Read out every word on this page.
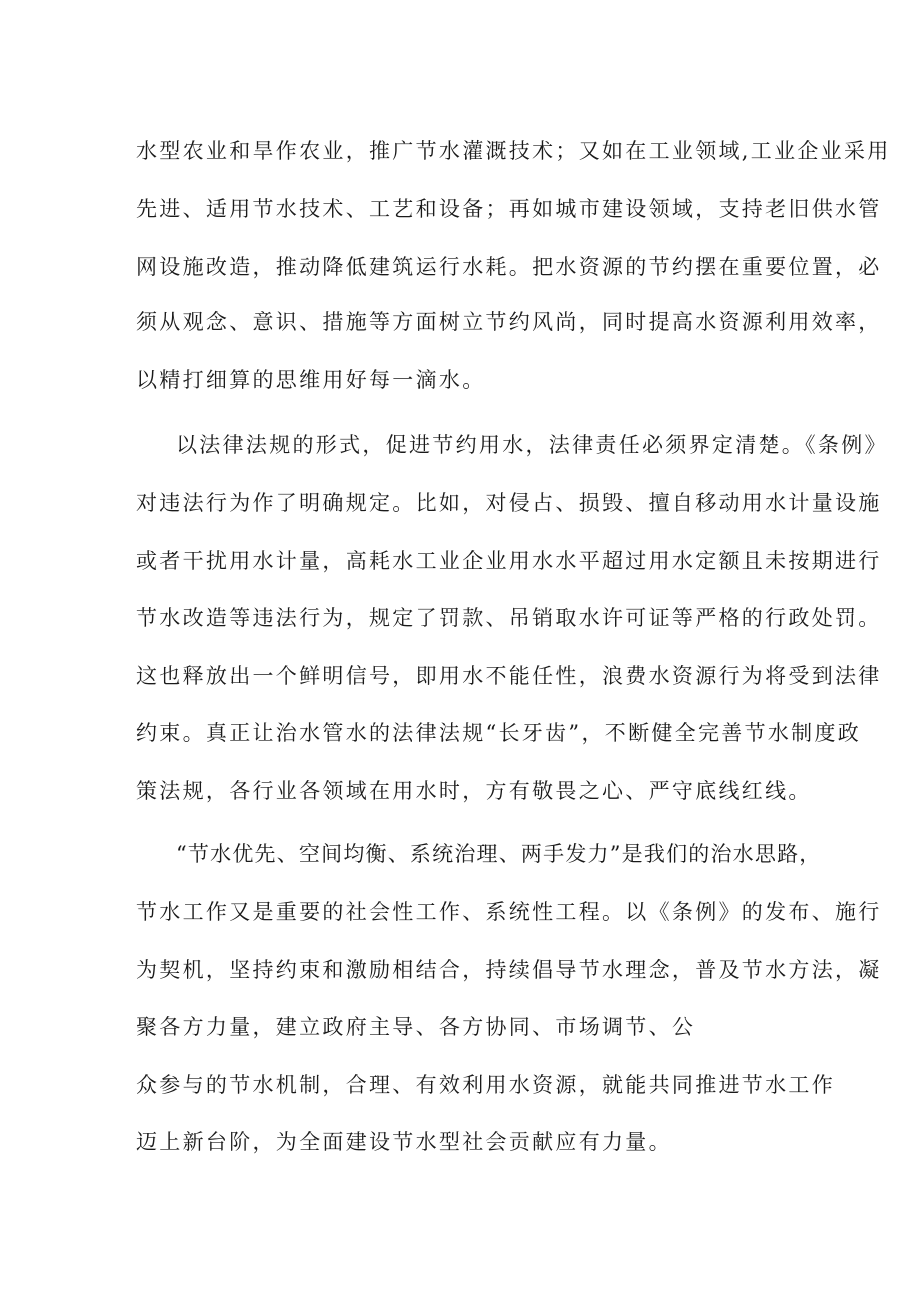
水型农业和旱作农业，推广节水灌溉技术；又如在工业领域,工业企业采用
先进、适用节水技术、工艺和设备；再如城市建设领域，支持老旧供水管
网设施改造，推动降低建筑运行水耗。把水资源的节约摆在重要位置，必
须从观念、意识、措施等方面树立节约风尚，同时提高水资源利用效率，
以精打细算的思维用好每一滴水。
以法律法规的形式，促进节约用水，法律责任必须界定清楚。《条例》
对违法行为作了明确规定。比如，对侵占、损毁、擅自移动用水计量设施
或者干扰用水计量，高耗水工业企业用水水平超过用水定额且未按期进行
节水改造等违法行为，规定了罚款、吊销取水许可证等严格的行政处罚。
这也释放出一个鲜明信号，即用水不能任性，浪费水资源行为将受到法律
约束。真正让治水管水的法律法规“长牙齿”，不断健全完善节水制度政
策法规，各行业各领域在用水时，方有敬畏之心、严守底线红线。
“节水优先、空间均衡、系统治理、两手发力”是我们的治水思路，
节水工作又是重要的社会性工作、系统性工程。以《条例》的发布、施行
为契机，坚持约束和激励相结合，持续倡导节水理念，普及节水方法，凝
聚各方力量，建立政府主导、各方协同、市场调节、公
众参与的节水机制，合理、有效利用水资源，就能共同推进节水工作
迈上新台阶，为全面建设节水型社会贡献应有力量。
